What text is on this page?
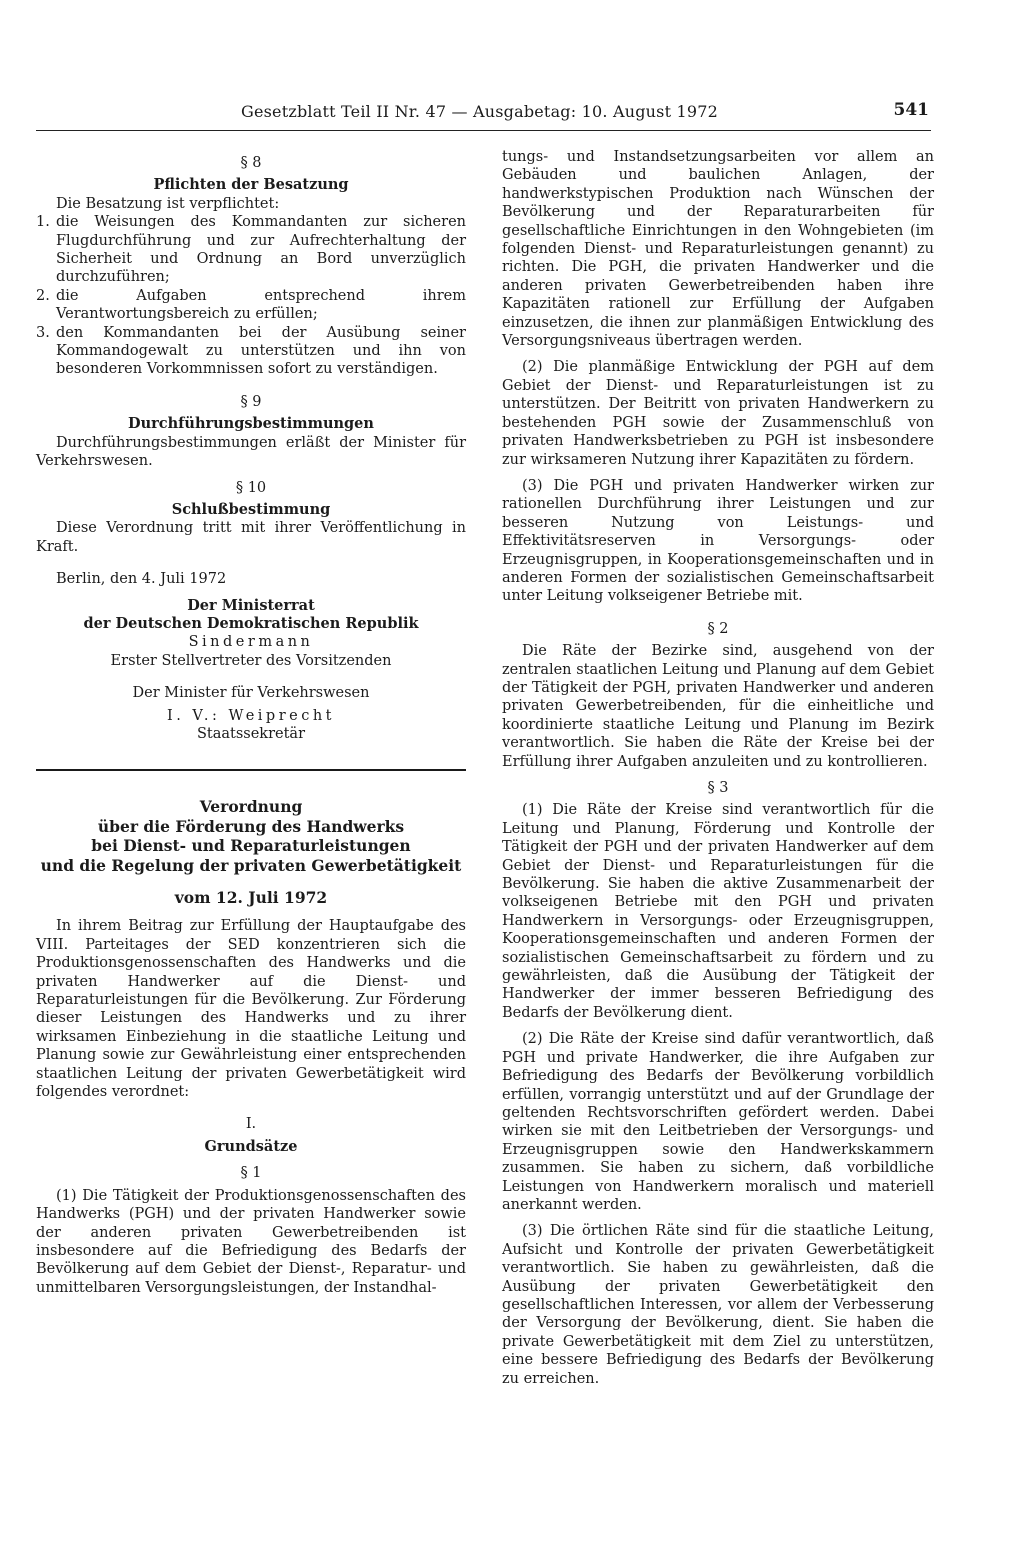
Gesetzblatt Teil II Nr. 47 — Ausgabetag: 10. August 1972	541
§ 8
Pflichten der Besatzung

Die Besatzung ist verpflichtet:

1. die Weisungen des Kommandanten zur sicheren Flugdurchführung und zur Aufrechterhaltung der Sicherheit und Ordnung an Bord unverzüglich durchzuführen;
2. die Aufgaben entsprechend ihrem Verantwortungsbereich zu erfüllen;
3. den Kommandanten bei der Ausübung seiner Kommandogewalt zu unterstützen und ihn von besonderen Vorkommnissen sofort zu verständigen.
§ 9
Durchführungsbestimmungen

Durchführungsbestimmungen erläßt der Minister für Verkehrswesen.

§ 10
Schlußbestimmung

Diese Verordnung tritt mit ihrer Veröffentlichung in Kraft.

Berlin, den 4. Juli 1972

Der Ministerrat
der Deutschen Demokratischen Republik
Sindermann
Erster Stellvertreter des Vorsitzenden
Der Minister für Verkehrswesen
I. V.: Weiprecht
Staatssekretär
Verordnung
über die Förderung des Handwerks
bei Dienst- und Reparaturleistungen
und die Regelung der privaten Gewerbetätigkeit
vom 12. Juli 1972

In ihrem Beitrag zur Erfüllung der Hauptaufgabe des VIII. Parteitages der SED konzentrieren sich die Produktionsgenossenschaften des Handwerks und die privaten Handwerker auf die Dienst- und Reparaturleistungen für die Bevölkerung. Zur Förderung dieser Leistungen des Handwerks und zu ihrer wirksamen Einbeziehung in die staatliche Leitung und Planung sowie zur Gewährleistung einer entsprechenden staatlichen Leitung der privaten Gewerbetätigkeit wird folgendes verordnet:

I.
Grundsätze
§ 1

(1) Die Tätigkeit der Produktionsgenossenschaften des Handwerks (PGH) und der privaten Handwerker sowie der anderen privaten Gewerbetreibenden ist insbesondere auf die Befriedigung des Bedarfs der Bevölkerung auf dem Gebiet der Dienst-, Reparatur- und unmittelbaren Versorgungsleistungen, der Instandhal-

tungs- und Instandsetzungsarbeiten vor allem an Gebäuden und baulichen Anlagen, der handwerkstypischen Produktion nach Wünschen der Bevölkerung und der Reparaturarbeiten für gesellschaftliche Einrichtungen in den Wohngebieten (im folgenden Dienst- und Reparaturleistungen genannt) zu richten. Die PGH, die privaten Handwerker und die anderen privaten Gewerbetreibenden haben ihre Kapazitäten rationell zur Erfüllung der Aufgaben einzusetzen, die ihnen zur planmäßigen Entwicklung des Versorgungsniveaus übertragen werden.

(2) Die planmäßige Entwicklung der PGH auf dem Gebiet der Dienst- und Reparaturleistungen ist zu unterstützen. Der Beitritt von privaten Handwerkern zu bestehenden PGH sowie der Zusammenschluß von privaten Handwerksbetrieben zu PGH ist insbesondere zur wirksameren Nutzung ihrer Kapazitäten zu fördern.

(3) Die PGH und privaten Handwerker wirken zur rationellen Durchführung ihrer Leistungen und zur besseren Nutzung von Leistungs- und Effektivitätsreserven in Versorgungs- oder Erzeugnisgruppen, in Kooperationsgemeinschaften und in anderen Formen der sozialistischen Gemeinschaftsarbeit unter Leitung volkseigener Betriebe mit.

§ 2

Die Räte der Bezirke sind, ausgehend von der zentralen staatlichen Leitung und Planung auf dem Gebiet der Tätigkeit der PGH, privaten Handwerker und anderen privaten Gewerbetreibenden, für die einheitliche und koordinierte staatliche Leitung und Planung im Bezirk verantwortlich. Sie haben die Räte der Kreise bei der Erfüllung ihrer Aufgaben anzuleiten und zu kontrollieren.

§ 3

(1) Die Räte der Kreise sind verantwortlich für die Leitung und Planung, Förderung und Kontrolle der Tätigkeit der PGH und der privaten Handwerker auf dem Gebiet der Dienst- und Reparaturleistungen für die Bevölkerung. Sie haben die aktive Zusammenarbeit der volkseigenen Betriebe mit den PGH und privaten Handwerkern in Versorgungs- oder Erzeugnisgruppen, Kooperationsgemeinschaften und anderen Formen der sozialistischen Gemeinschaftsarbeit zu fördern und zu gewährleisten, daß die Ausübung der Tätigkeit der Handwerker der immer besseren Befriedigung des Bedarfs der Bevölkerung dient.

(2) Die Räte der Kreise sind dafür verantwortlich, daß PGH und private Handwerker, die ihre Aufgaben zur Befriedigung des Bedarfs der Bevölkerung vorbildlich erfüllen, vorrangig unterstützt und auf der Grundlage der geltenden Rechtsvorschriften gefördert werden. Dabei wirken sie mit den Leitbetrieben der Versorgungs- und Erzeugnisgruppen sowie den Handwerkskammern zusammen. Sie haben zu sichern, daß vorbildliche Leistungen von Handwerkern moralisch und materiell anerkannt werden.

(3) Die örtlichen Räte sind für die staatliche Leitung, Aufsicht und Kontrolle der privaten Gewerbetätigkeit verantwortlich. Sie haben zu gewährleisten, daß die Ausübung der privaten Gewerbetätigkeit den gesellschaftlichen Interessen, vor allem der Verbesserung der Versorgung der Bevölkerung, dient. Sie haben die private Gewerbetätigkeit mit dem Ziel zu unterstützen, eine bessere Befriedigung des Bedarfs der Bevölkerung zu erreichen.
